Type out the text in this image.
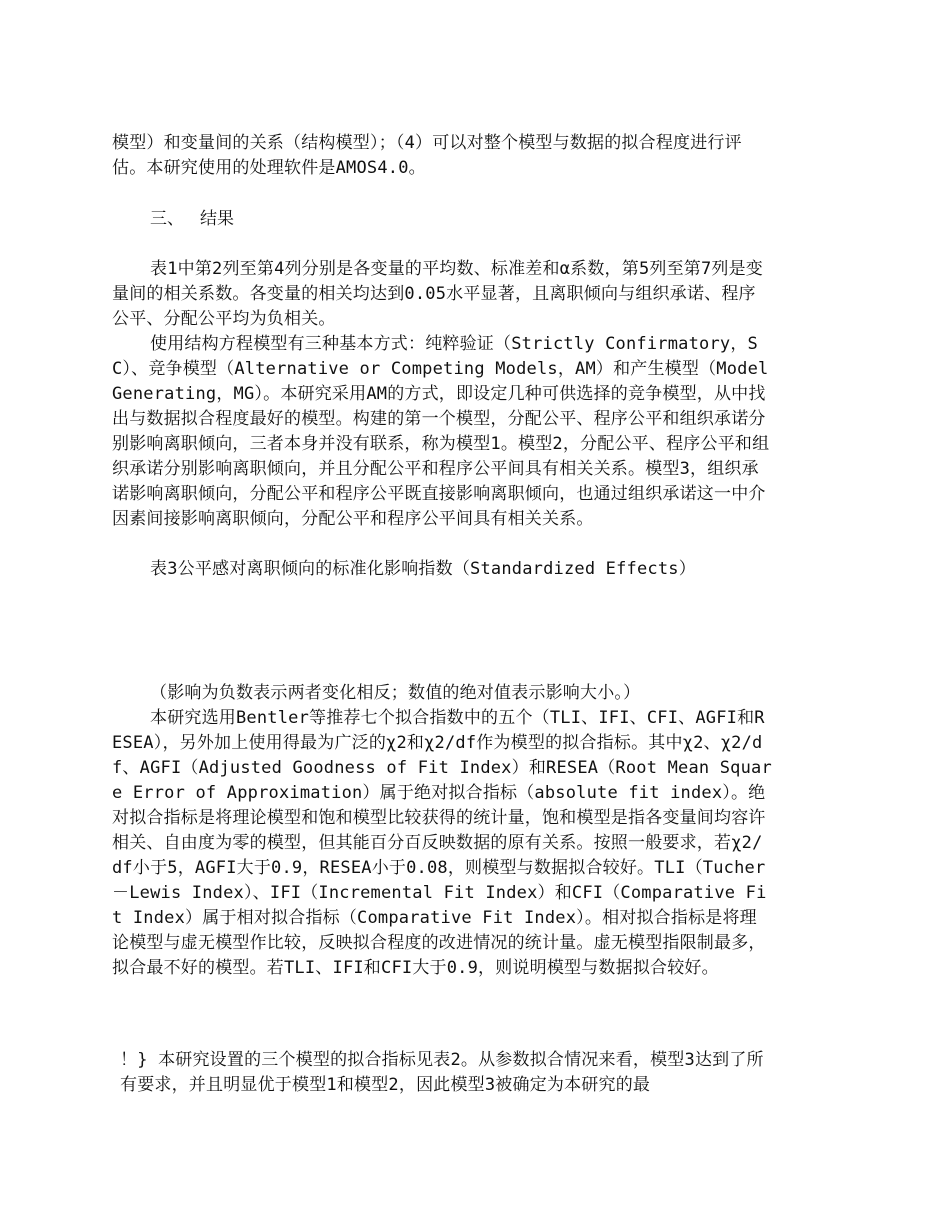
模型）和变量间的关系（结构模型）；（4）可以对整个模型与数据的拟合程度进行评估。本研究使用的处理软件是AMOS4.0。

三、 结果

表1中第2列至第4列分别是各变量的平均数、标准差和α系数，第5列至第7列是变量间的相关系数。各变量的相关均达到0.05水平显著，且离职倾向与组织承诺、程序公平、分配公平均为负相关。

使用结构方程模型有三种基本方式：纯粹验证（Strictly Confirmatory，SC）、竞争模型（Alternative or Competing Models，AM）和产生模型（Model Generating，MG）。本研究采用AM的方式，即设定几种可供选择的竞争模型，从中找出与数据拟合程度最好的模型。构建的第一个模型，分配公平、程序公平和组织承诺分别影响离职倾向，三者本身并没有联系，称为模型1。模型2，分配公平、程序公平和组织承诺分别影响离职倾向，并且分配公平和程序公平间具有相关关系。模型3，组织承诺影响离职倾向，分配公平和程序公平既直接影响离职倾向，也通过组织承诺这一中介因素间接影响离职倾向，分配公平和程序公平间具有相关关系。

表3公平感对离职倾向的标准化影响指数（Standardized Effects）

（影响为负数表示两者变化相反；数值的绝对值表示影响大小。）

本研究选用Bentler等推荐七个拟合指数中的五个（TLI、IFI、CFI、AGFI和RESEA），另外加上使用得最为广泛的χ2和χ2/df作为模型的拟合指标。其中χ2、χ2/df、AGFI（Adjusted Goodness of Fit Index）和RESEA（Root Mean Square Error of Approximation）属于绝对拟合指标（absolute fit index）。绝对拟合指标是将理论模型和饱和模型比较获得的统计量，饱和模型是指各变量间均容许相关、自由度为零的模型，但其能百分百反映数据的原有关系。按照一般要求，若χ2/df小于5，AGFI大于0.9，RESEA小于0.08，则模型与数据拟合较好。TLI（Tucher－Lewis Index）、IFI（Incremental Fit Index）和CFI（Comparative Fit Index）属于相对拟合指标（Comparative Fit Index）。相对拟合指标是将理论模型与虚无模型作比较，反映拟合程度的改进情况的统计量。虚无模型指限制最多，拟合最不好的模型。若TLI、IFI和CFI大于0.9，则说明模型与数据拟合较好。

！} 本研究设置的三个模型的拟合指标见表2。从参数拟合情况来看，模型3达到了所有要求，并且明显优于模型1和模型2，因此模型3被确定为本研究的最
